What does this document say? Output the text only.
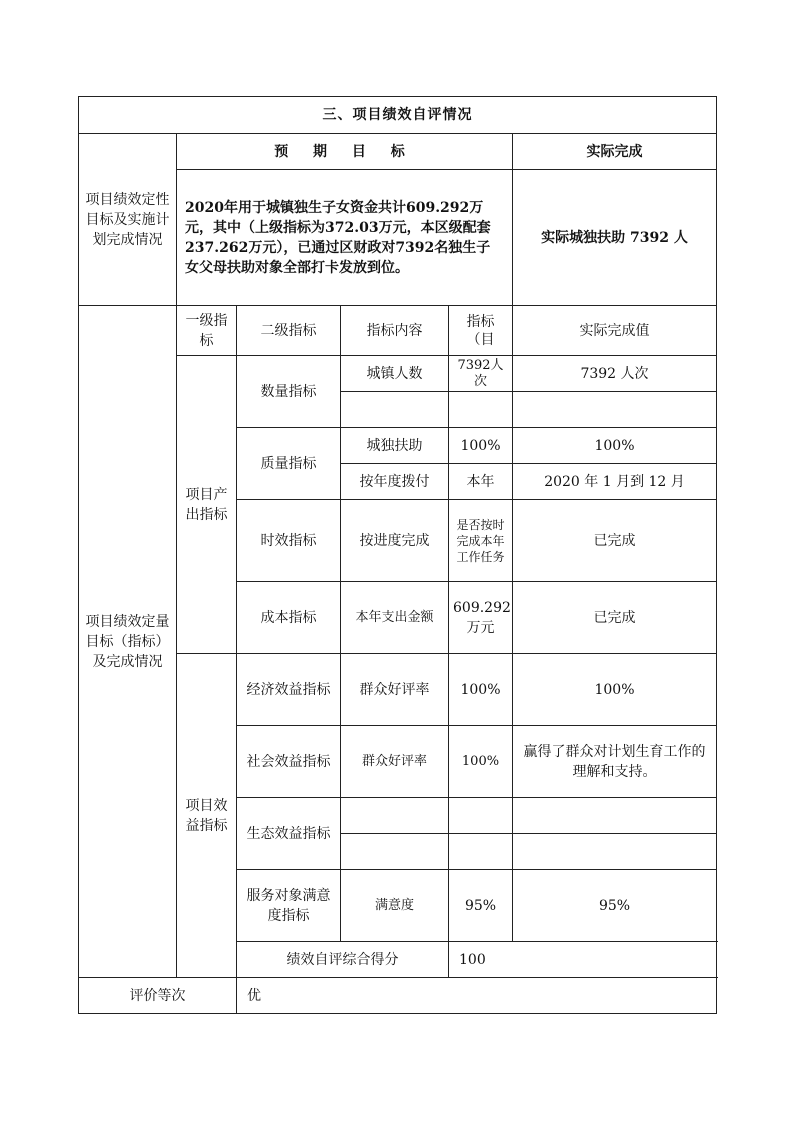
三、项目绩效自评情况					
项目绩效定性目标及实施计划完成情况	预 期 目 标				实际完成
	2020年用于城镇独生子女资金共计609.292万元，其中（上级指标为372.03万元，本区级配套237.262万元），已通过区财政对7392名独生子女父母扶助对象全部打卡发放到位。				实际城独扶助 7392 人
项目绩效定量目标（指标）及完成情况	一级指标	二级指标	指标内容	指标（目	实际完成值
	项目产出指标	数量指标	城镇人数	7392人次	7392 人次

		质量指标	城独扶助	100%	100%
			按年度拨付	本年	2020 年 1 月到 12 月
		时效指标	按进度完成	是否按时完成本年工作任务	已完成
		成本指标	本年支出金额	609.292万元	已完成
	项目效益指标	经济效益指标	群众好评率	100%	100%
		社会效益指标	群众好评率	100%	赢得了群众对计划生育工作的理解和支持。
		生态效益指标			

		服务对象满意度指标	满意度	95%	95%
		绩效自评综合得分		100	
评价等次		优			
